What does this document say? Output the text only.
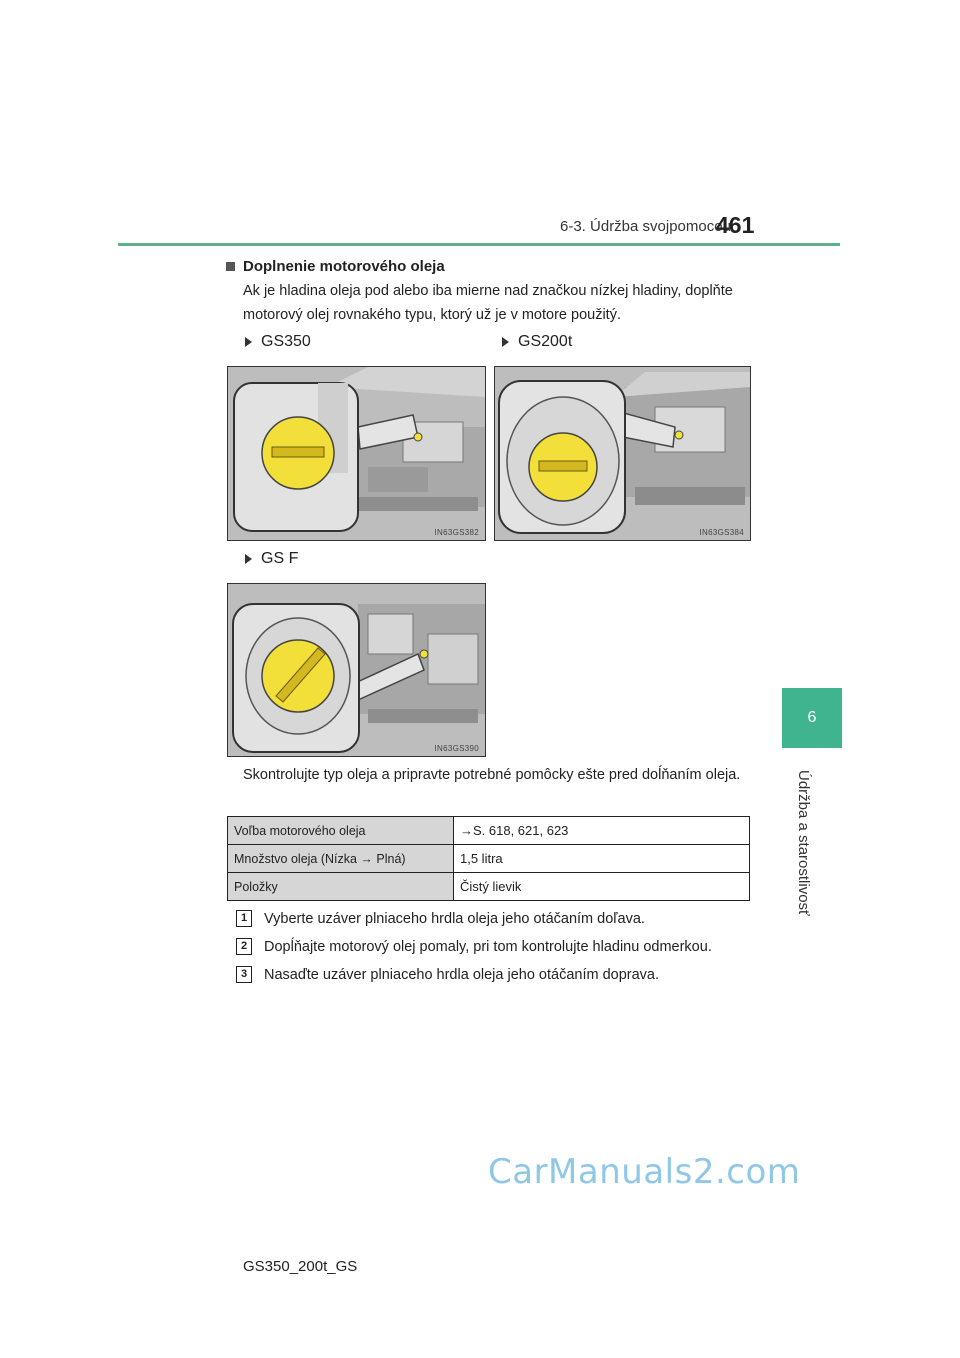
6-3. Údržba svojpomocou
461
6
Údržba a starostlivosť
Doplnenie motorového oleja
Ak je hladina oleja pod alebo iba mierne nad značkou nízkej hladiny, doplňte motorový olej rovnakého typu, ktorý už je v motore použitý.
GS350	GS200t
GS F
IN63GS382	IN63GS384
IN63GS390
Skontrolujte typ oleja a pripravte potrebné pomôcky ešte pred doĺňaním oleja.
Voľba motorového oleja	→S. 618, 621, 623
Množstvo oleja (Nízka → Plná)	1,5 litra
Položky	Čistý lievik
1	Vyberte uzáver plniaceho hrdla oleja jeho otáčaním doľava.
2	Dopĺňajte motorový olej pomaly, pri tom kontrolujte hladinu odmerkou.
3	Nasaďte uzáver plniaceho hrdla oleja jeho otáčaním doprava.
CarManuals2.com
GS350_200t_GS
